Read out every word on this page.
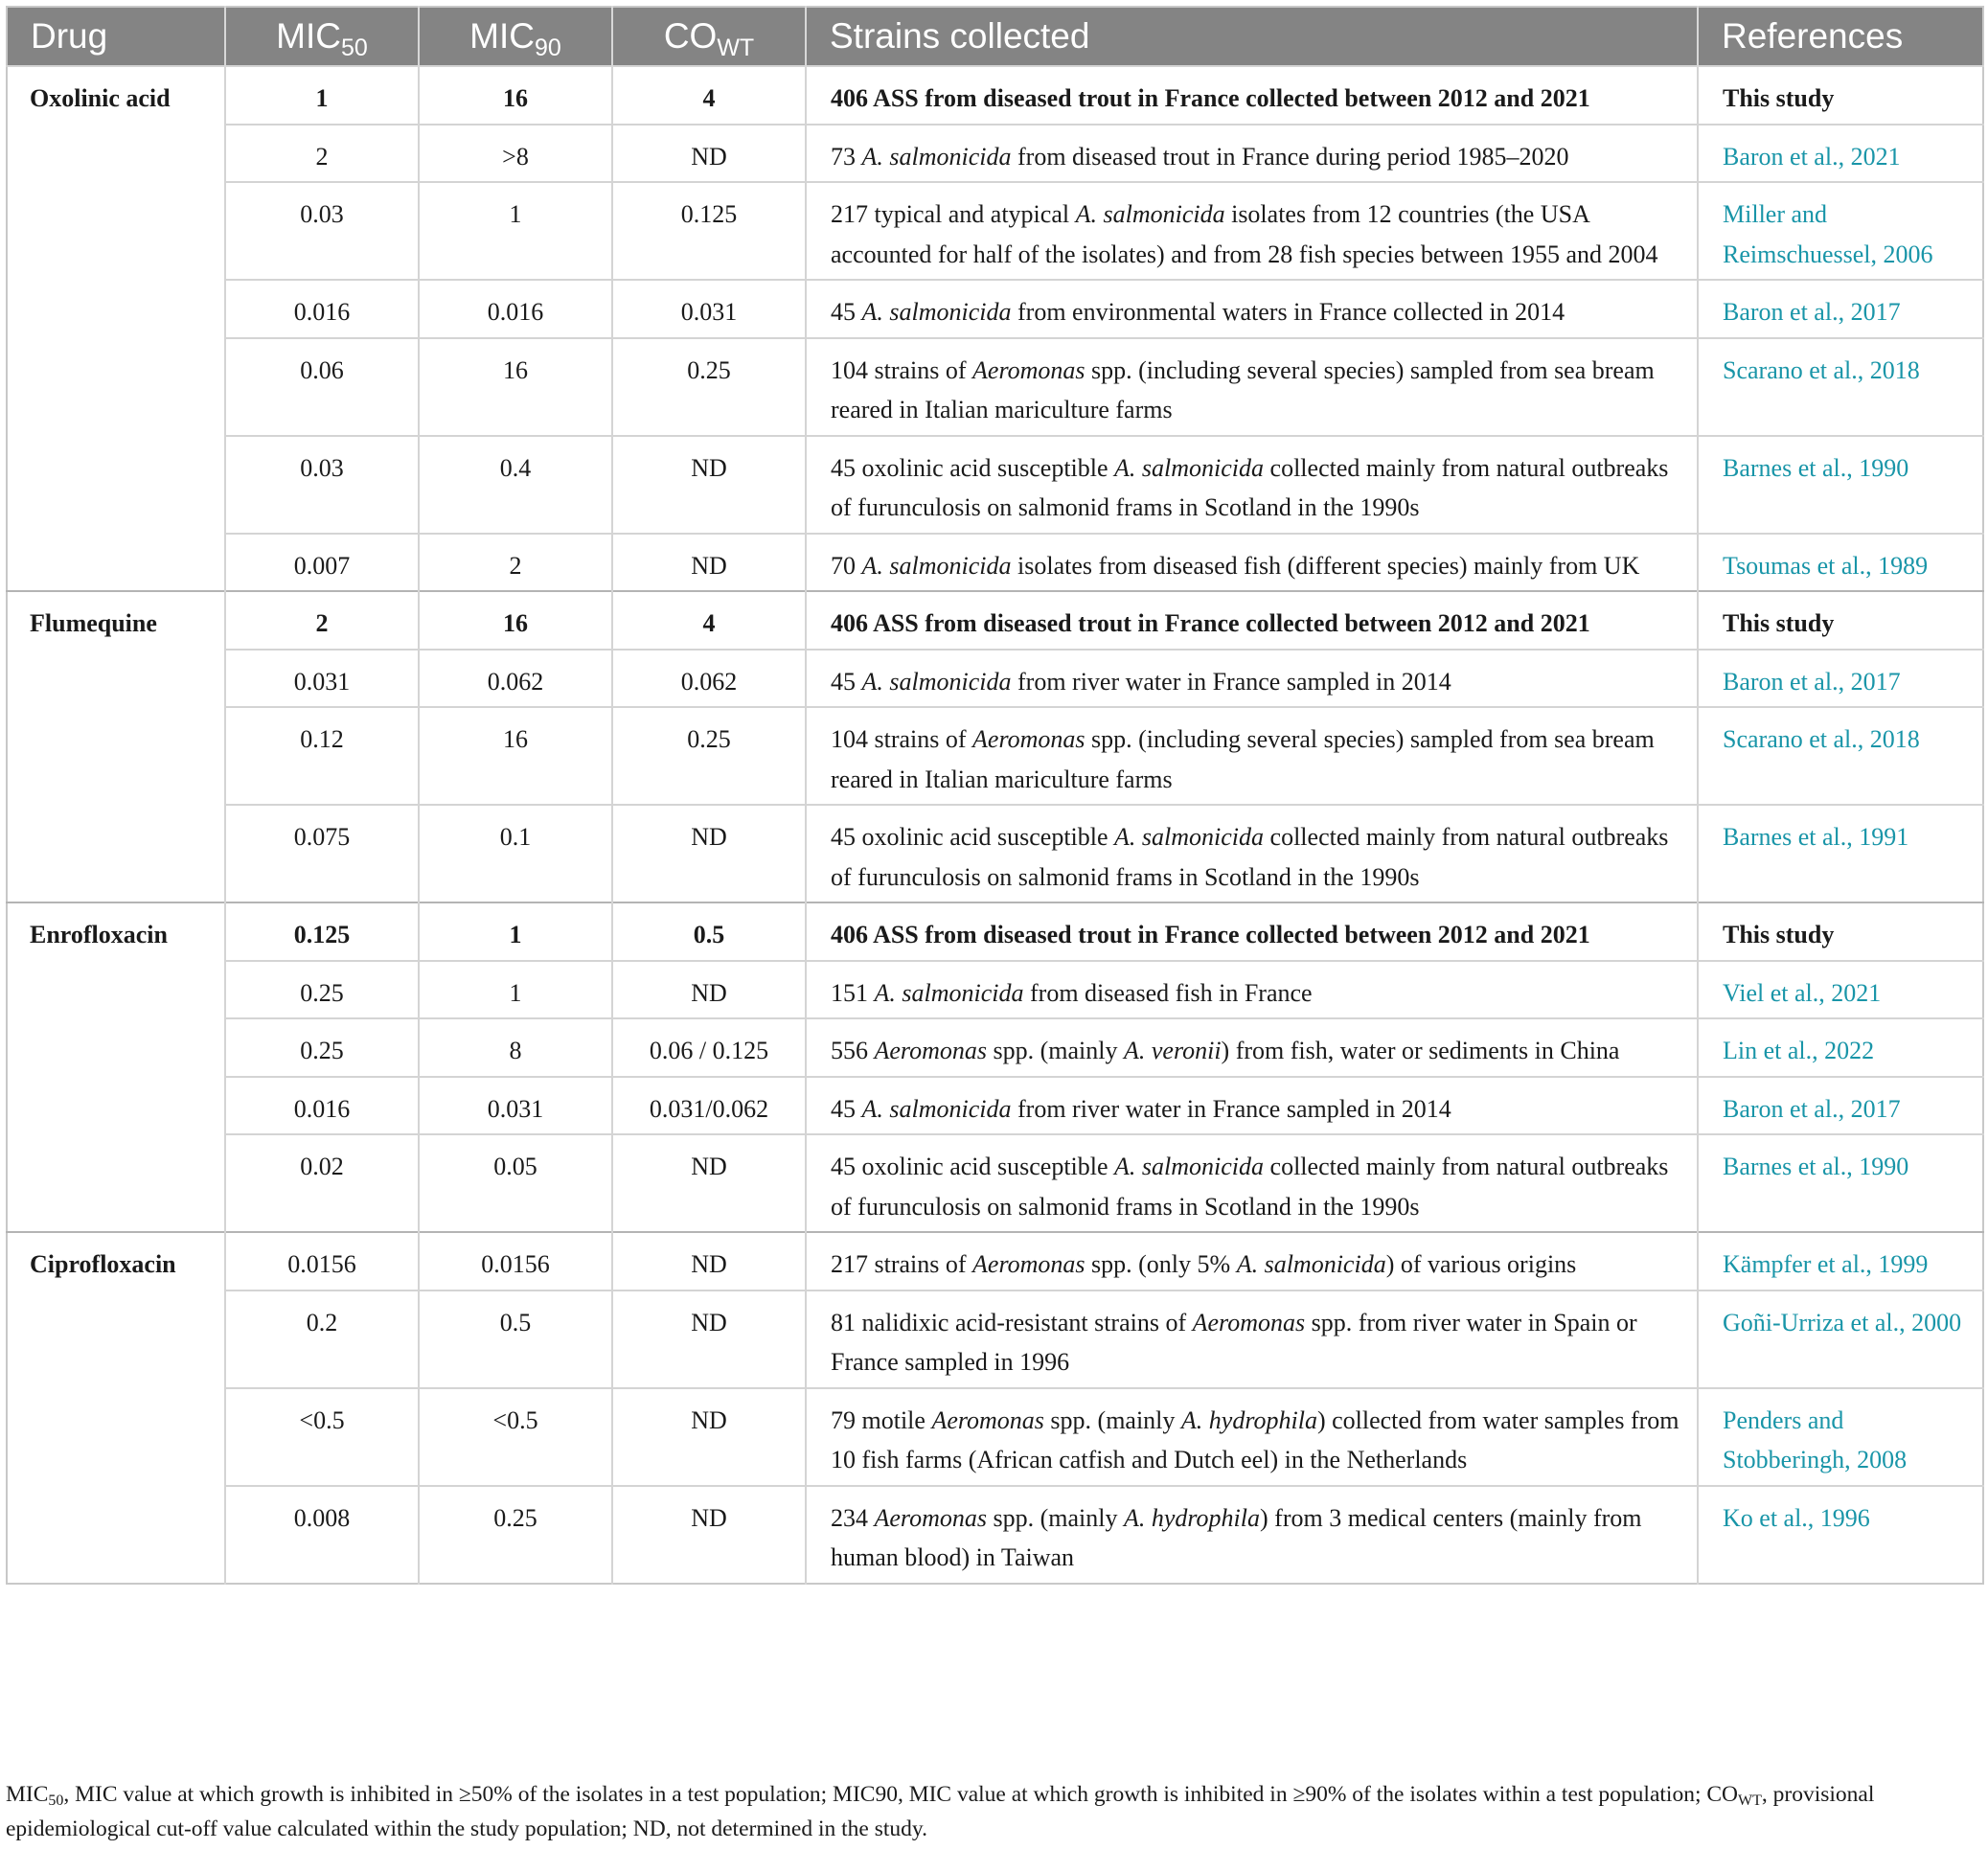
Drug	$MIC_{50}$	$MIC_{90}$	$CO_{WT}$	Strains collected	References
Oxolinic acid	1	16	4	406 ASS from diseased trout in France collected between 2012 and 2021	This study
	2	>8	ND	73 A. salmonicida from diseased trout in France during period 1985–2020	Baron et al., 2021
	0.03	1	0.125	217 typical and atypical A. salmonicida isolates from 12 countries (the USA accounted for half of the isolates) and from 28 fish species between 1955 and 2004	Miller and Reimschuessel, 2006
	0.016	0.016	0.031	45 A. salmonicida from environmental waters in France collected in 2014	Baron et al., 2017
	0.06	16	0.25	104 strains of Aeromonas spp. (including several species) sampled from sea bream reared in Italian mariculture farms	Scarano et al., 2018
	0.03	0.4	ND	45 oxolinic acid susceptible A. salmonicida collected mainly from natural outbreaks of furunculosis on salmonid frams in Scotland in the 1990s	Barnes et al., 1990
	0.007	2	ND	70 A. salmonicida isolates from diseased fish (different species) mainly from UK	Tsoumas et al., 1989
Flumequine	2	16	4	406 ASS from diseased trout in France collected between 2012 and 2021	This study
	0.031	0.062	0.062	45 A. salmonicida from river water in France sampled in 2014	Baron et al., 2017
	0.12	16	0.25	104 strains of Aeromonas spp. (including several species) sampled from sea bream reared in Italian mariculture farms	Scarano et al., 2018
	0.075	0.1	ND	45 oxolinic acid susceptible A. salmonicida collected mainly from natural outbreaks of furunculosis on salmonid frams in Scotland in the 1990s	Barnes et al., 1991
Enrofloxacin	0.125	1	0.5	406 ASS from diseased trout in France collected between 2012 and 2021	This study
	0.25	1	ND	151 A. salmonicida from diseased fish in France	Viel et al., 2021
	0.25	8	0.06 / 0.125	556 Aeromonas spp. (mainly A. veronii) from fish, water or sediments in China	Lin et al., 2022
	0.016	0.031	0.031/0.062	45 A. salmonicida from river water in France sampled in 2014	Baron et al., 2017
	0.02	0.05	ND	45 oxolinic acid susceptible A. salmonicida collected mainly from natural outbreaks of furunculosis on salmonid frams in Scotland in the 1990s	Barnes et al., 1990
Ciprofloxacin	0.0156	0.0156	ND	217 strains of Aeromonas spp. (only 5% A. salmonicida) of various origins	Kämpfer et al., 1999
	0.2	0.5	ND	81 nalidixic acid-resistant strains of Aeromonas spp. from river water in Spain or France sampled in 1996	Goñi-Urriza et al., 2000
	<0.5	<0.5	ND	79 motile Aeromonas spp. (mainly A. hydrophila) collected from water samples from 10 fish farms (African catfish and Dutch eel) in the Netherlands	Penders and Stobberingh, 2008
	0.008	0.25	ND	234 Aeromonas spp. (mainly A. hydrophila) from 3 medical centers (mainly from human blood) in Taiwan	Ko et al., 1996
$MIC_{50}$, MIC value at which growth is inhibited in ≥50% of the isolates in a test population; MIC90, MIC value at which growth is inhibited in ≥90% of the isolates within a test population; $CO_{WT}$, provisional epidemiological cut-off value calculated within the study population; ND, not determined in the study.
